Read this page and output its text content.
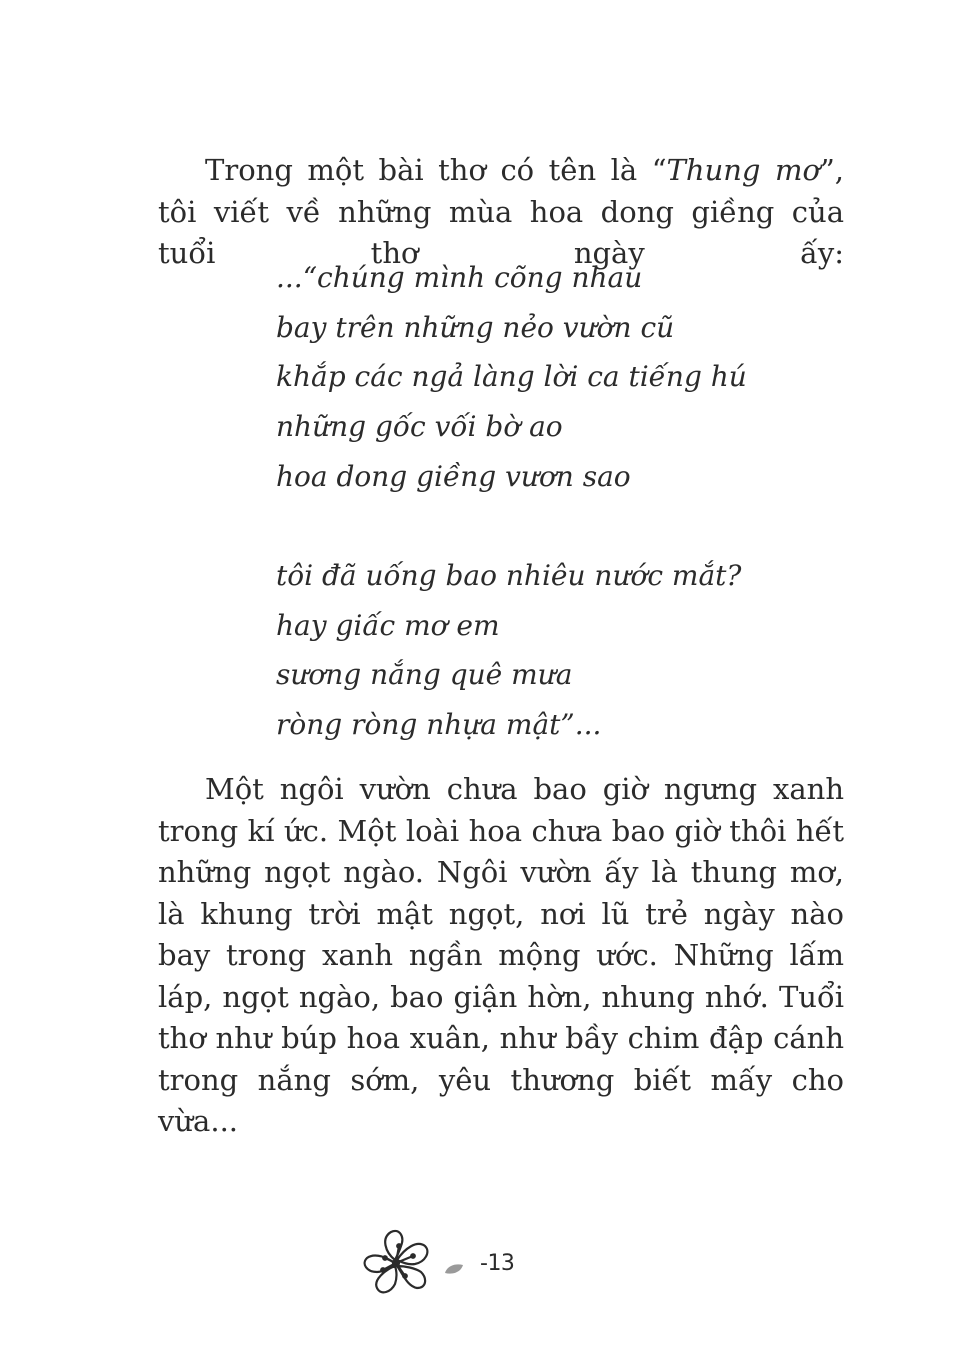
Trong một bài thơ có tên là “Thung mơ”, tôi viết về những mùa hoa dong giềng của tuổi thơ ngày ấy:

...“chúng mình cõng nhau
bay trên những nẻo vườn cũ
khắp các ngả làng lời ca tiếng hú
những gốc vối bờ ao
hoa dong giềng vươn sao
tôi đã uống bao nhiêu nước mắt?
hay giấc mơ em
sương nắng quê mưa
ròng ròng nhựa mật”...

Một ngôi vườn chưa bao giờ ngưng xanh trong kí ức. Một loài hoa chưa bao giờ thôi hết những ngọt ngào. Ngôi vườn ấy là thung mơ, là khung trời mật ngọt, nơi lũ trẻ ngày nào bay trong xanh ngần mộng ước. Những lấm láp, ngọt ngào, bao giận hờn, nhung nhớ. Tuổi thơ như búp hoa xuân, như bầy chim đập cánh trong nắng sớm, yêu thương biết mấy cho vừa...

-13
